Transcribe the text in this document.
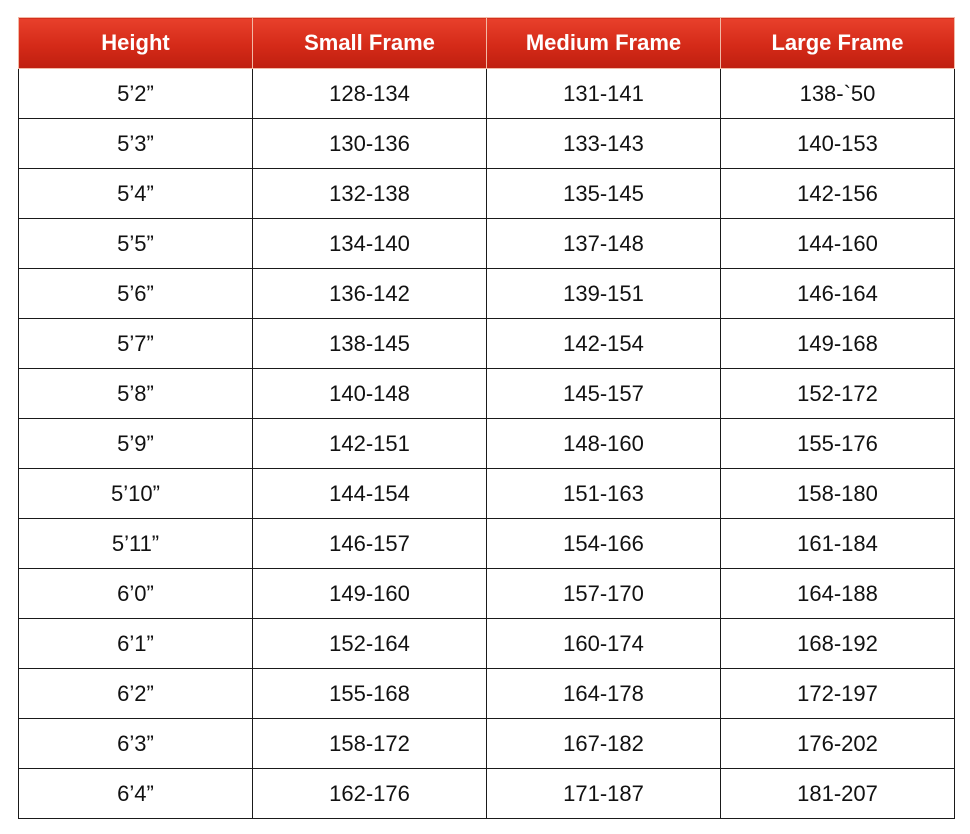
Height	Small Frame	Medium Frame	Large Frame
5’2”	128-134	131-141	138-`50
5’3”	130-136	133-143	140-153
5’4”	132-138	135-145	142-156
5’5”	134-140	137-148	144-160
5’6”	136-142	139-151	146-164
5’7”	138-145	142-154	149-168
5’8”	140-148	145-157	152-172
5’9”	142-151	148-160	155-176
5’10”	144-154	151-163	158-180
5’11”	146-157	154-166	161-184
6’0”	149-160	157-170	164-188
6’1”	152-164	160-174	168-192
6’2”	155-168	164-178	172-197
6’3”	158-172	167-182	176-202
6’4”	162-176	171-187	181-207
